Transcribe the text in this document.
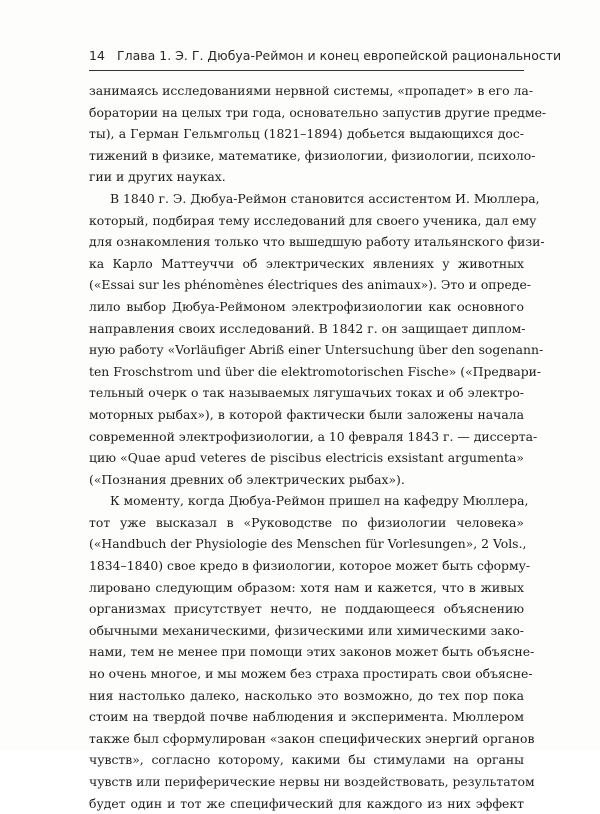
14 Глава 1. Э. Г. Дюбуа-Реймон и конец европейской рациональности
занимаясь исследованиями нервной системы, «пропадет» в его ла-
боратории на целых три года, основательно запустив другие предме-
ты), а Герман Гельмгольц (1821–1894) добьется выдающихся дос-
тижений в физике, математике, физиологии, физиологии, психоло-
гии и других науках.
В 1840 г. Э. Дюбуа-Реймон становится ассистентом И. Мюллера,
который, подбирая тему исследований для своего ученика, дал ему
для ознакомления только что вышедшую работу итальянского физи-
ка Карло Маттеуччи об электрических явлениях у животных
(«Essai sur les phénomènes électriques des animaux»). Это и опреде-
лило выбор Дюбуа-Реймоном электрофизиологии как основного
направления своих исследований. В 1842 г. он защищает диплом-
ную работу «Vorläufiger Abriß einer Untersuchung über den sogenann-
ten Froschstrom und über die elektromotorischen Fische» («Предвари-
тельный очерк о так называемых лягушачьих токах и об электро-
моторных рыбах»), в которой фактически были заложены начала
современной электрофизиологии, а 10 февраля 1843 г. — диссерта-
цию «Quae apud veteres de piscibus electricis exsistant argumenta»
(«Познания древних об электрических рыбах»).
К моменту, когда Дюбуа-Реймон пришел на кафедру Мюллера,
тот уже высказал в «Руководстве по физиологии человека»
(«Handbuch der Physiologie des Menschen für Vorlesungen», 2 Vols.,
1834–1840) свое кредо в физиологии, которое может быть сформу-
лировано следующим образом: хотя нам и кажется, что в живых
организмах присутствует нечто, не поддающееся объяснению
обычными механическими, физическими или химическими зако-
нами, тем не менее при помощи этих законов может быть объясне-
но очень многое, и мы можем без страха простирать свои объясне-
ния настолько далеко, насколько это возможно, до тех пор пока
стоим на твердой почве наблюдения и эксперимента. Мюллером
также был сформулирован «закон специфических энергий органов
чувств», согласно которому, какими бы стимулами на органы
чувств или периферические нервы ни воздействовать, результатом
будет один и тот же специфический для каждого из них эффект
